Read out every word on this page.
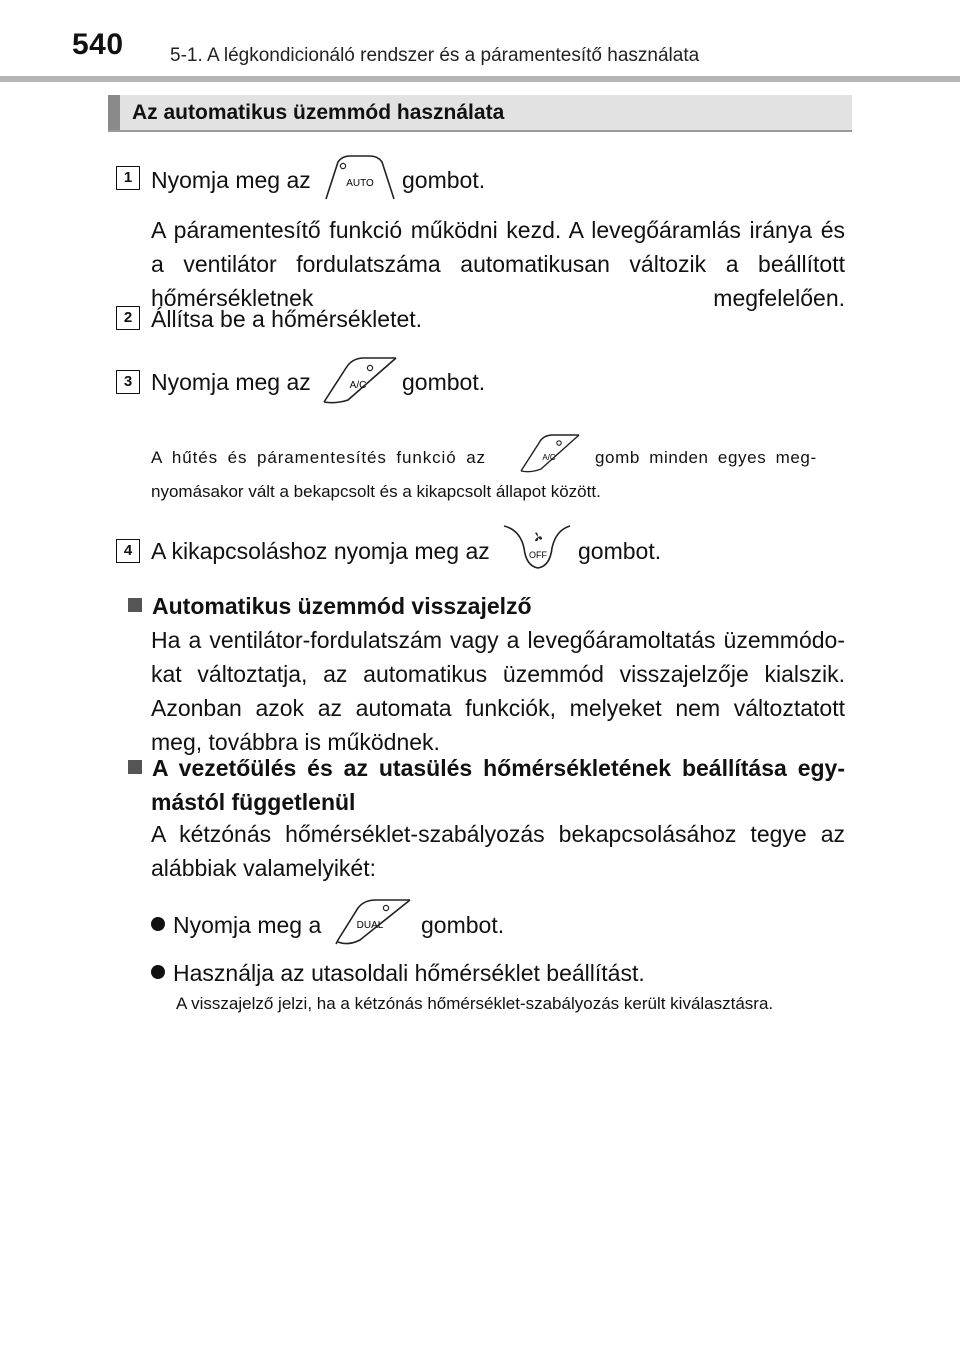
540 5-1. A légkondicionáló rendszer és a páramentesítő használata
Az automatikus üzemmód használata
1 Nyomja meg az	AUTO gombot.
A páramentesítő funkció működni kezd. A levegőáramlás iránya és a ventilátor fordulatszáma automatikusan változik a beállított hőmérsékletnek megfelelően.
2 Állítsa be a hőmérsékletet.
3 Nyomja meg az	A/C gombot.
A hűtés és páramentesítés funkció az	A/C gomb minden egyes meg-
nyomásakor vált a bekapcsolt és a kikapcsolt állapot között.
4 A kikapcsoláshoz nyomja meg az	OFF gombot.
Automatikus üzemmód visszajelző
Ha a ventilátor-fordulatszám vagy a levegőáramoltatás üzemmódokat változtatja, az automatikus üzemmód visszajelzője kialszik. Azonban azok az automata funkciók, melyeket nem változtatott meg, továbbra is működnek.
A vezetőülés és az utasülés hőmérsékletének beállítása egy-
mástól függetlenül
A kétzónás hőmérséklet-szabályozás bekapcsolásához tegye az alábbiak valamelyikét:
Nyomja meg a	DUAL gombot.
Használja az utasoldali hőmérséklet beállítást.
A visszajelző jelzi, ha a kétzónás hőmérséklet-szabályozás került kiválasztásra.
